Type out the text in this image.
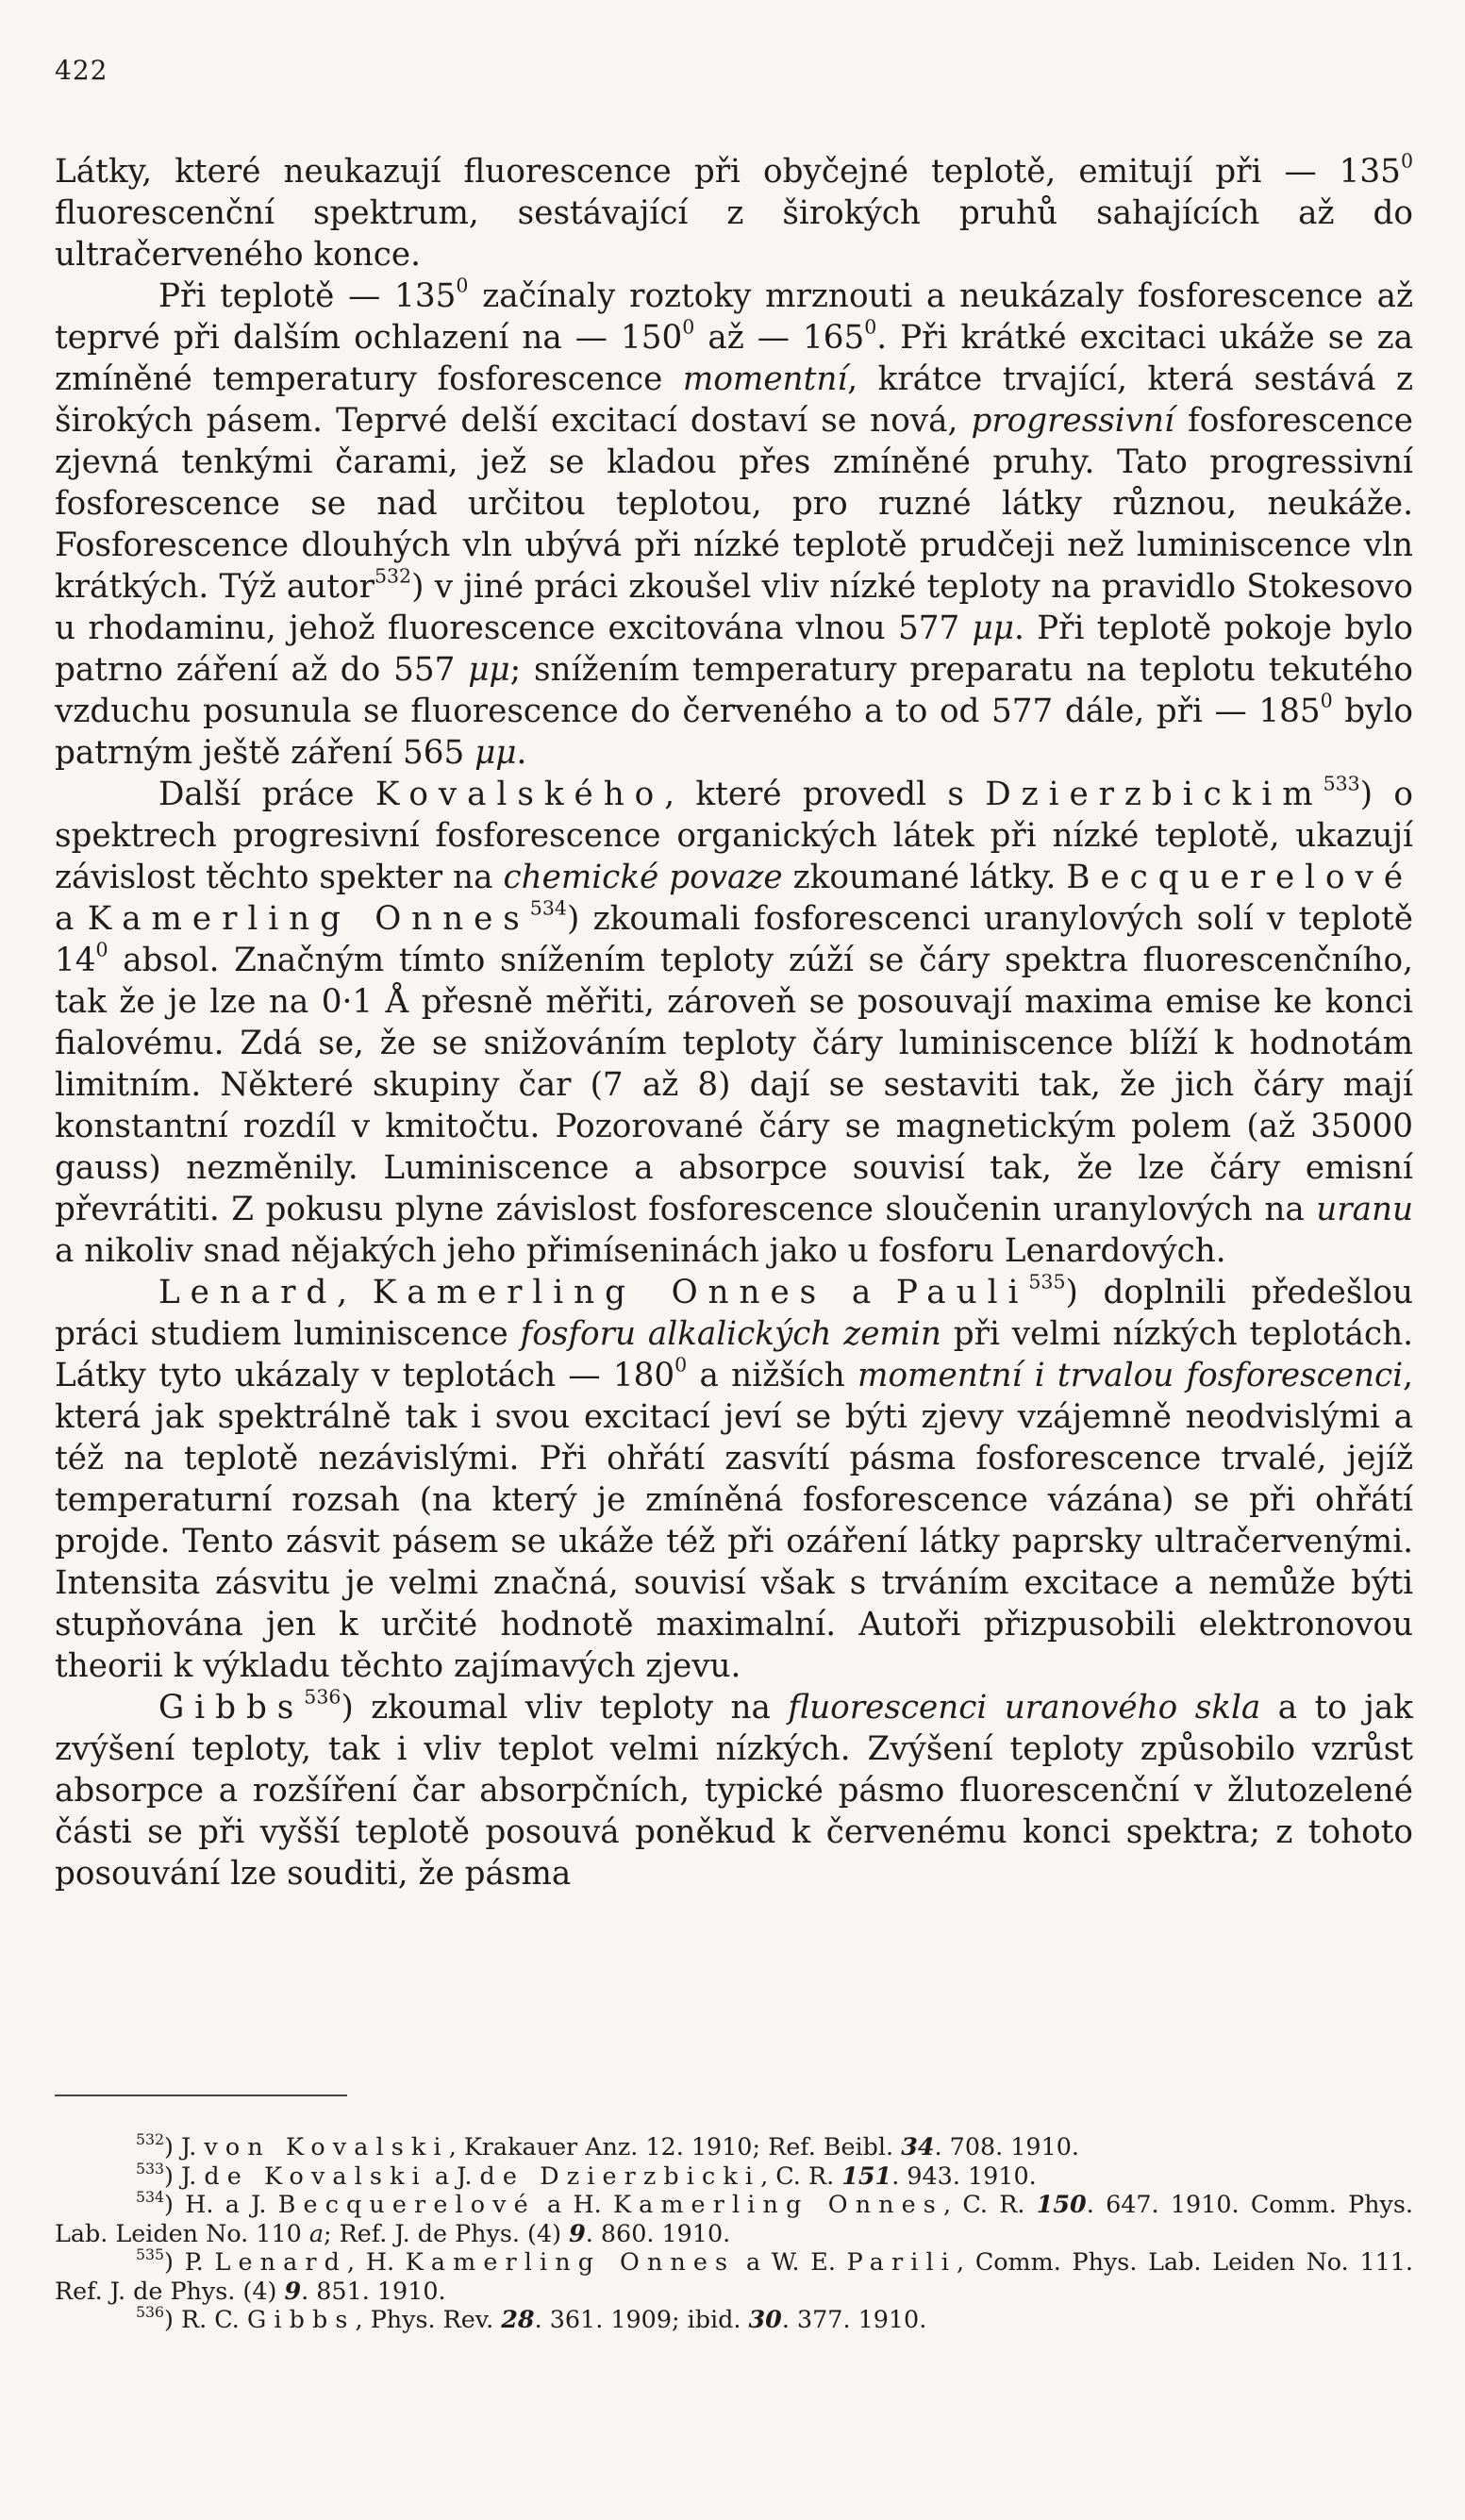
422

Látky, které neukazují fluorescence při obyčejné teplotě, emitují při — $135^0$ fluorescenční spektrum, sestávající z širokých pruhů sahajících až do ultračerveného konce.

Při teplotě — $135^0$ začínaly roztoky mrznouti a neukázaly fosforescence až teprvé při dalším ochlazení na — $150^0$ až — $165^0$. Při krátké excitaci ukáže se za zmíněné temperatury fosforescence momentní, krátce trvající, která sestává z širokých pásem. Teprvé delší excitací dostaví se nová, progressivní fosforescence zjevná tenkými čarami, jež se kladou přes zmíněné pruhy. Tato progressivní fosforescence se nad určitou teplotou, pro ruzné látky různou, neukáže. Fosforescence dlouhých vln ubývá při nízké teplotě prudčeji než luminiscence vln krátkých. Týž autor$^{532}$) v jiné práci zkoušel vliv nízké teploty na pravidlo Stokesovo u rhodaminu, jehož fluorescence excitována vlnou 577 μμ. Při teplotě pokoje bylo patrno záření až do 557 μμ; snížením temperatury preparatu na teplotu tekutého vzduchu posunula se fluorescence do červeného a to od 577 dále, při — $185^0$ bylo patrným ještě záření 565 μμ.

Další práce Kovalského, které provedl s Dzierzbickim$^{533}$) o spektrech progresivní fosforescence organických látek při nízké teplotě, ukazují závislost těchto spekter na chemické povaze zkoumané látky. Becquerelové a Kamerling Onnes$^{534}$) zkoumali fosforescenci uranylových solí v teplotě $14^0$ absol. Značným tímto snížením teploty zúží se čáry spektra fluorescenčního, tak že je lze na 0·1 Å přesně měřiti, zároveň se posouvají maxima emise ke konci fialovému. Zdá se, že se snižováním teploty čáry luminiscence blíží k hodnotám limitním. Některé skupiny čar (7 až 8) dají se sestaviti tak, že jich čáry mají konstantní rozdíl v kmitočtu. Pozorované čáry se magnetickým polem (až 35000 gauss) nezměnily. Luminiscence a absorpce souvisí tak, že lze čáry emisní převrátiti. Z pokusu plyne závislost fosforescence sloučenin uranylových na uranu a nikoliv snad nějakých jeho přimíseninách jako u fosforu Lenardových.

Lenard, Kamerling Onnes a Pauli$^{535}$) doplnili předešlou práci studiem luminiscence fosforu alkalických zemin při velmi nízkých teplotách. Látky tyto ukázaly v teplotách — $180^0$ a nižších momentní i trvalou fosforescenci, která jak spektrálně tak i svou excitací jeví se býti zjevy vzájemně neodvislými a též na teplotě nezávislými. Při ohřátí zasvítí pásma fosforescence trvalé, jejíž temperaturní rozsah (na který je zmíněná fosforescence vázána) se při ohřátí projde. Tento zásvit pásem se ukáže též při ozáření látky paprsky ultračervenými. Intensita zásvitu je velmi značná, souvisí však s trváním excitace a nemůže býti stupňována jen k určité hodnotě maximalní. Autoři přizpusobili elektronovou theorii k výkladu těchto zajímavých zjevu.

Gibbs$^{536}$) zkoumal vliv teploty na fluorescenci uranového skla a to jak zvýšení teploty, tak i vliv teplot velmi nízkých. Zvýšení teploty způsobilo vzrůst absorpce a rozšíření čar absorpčních, typické pásmo fluorescenční v žlutozelené části se při vyšší teplotě posouvá poněkud k červenému konci spektra; z tohoto posouvání lze souditi, že pásma

$^{532}$) J. von Kovalski, Krakauer Anz. 12. 1910; Ref. Beibl. 34. 708. 1910.

$^{533}$) J. de Kovalski a J. de Dzierzbicki, C. R. 151. 943. 1910.

$^{534}$) H. a J. Becquerelové a H. Kamerling Onnes, C. R. 150. 647. 1910. Comm. Phys. Lab. Leiden No. 110 a; Ref. J. de Phys. (4) 9. 860. 1910.

$^{535}$) P. Lenard, H. Kamerling Onnes a W. E. Parili, Comm. Phys. Lab. Leiden No. 111. Ref. J. de Phys. (4) 9. 851. 1910.

$^{536}$) R. C. Gibbs, Phys. Rev. 28. 361. 1909; ibid. 30. 377. 1910.
